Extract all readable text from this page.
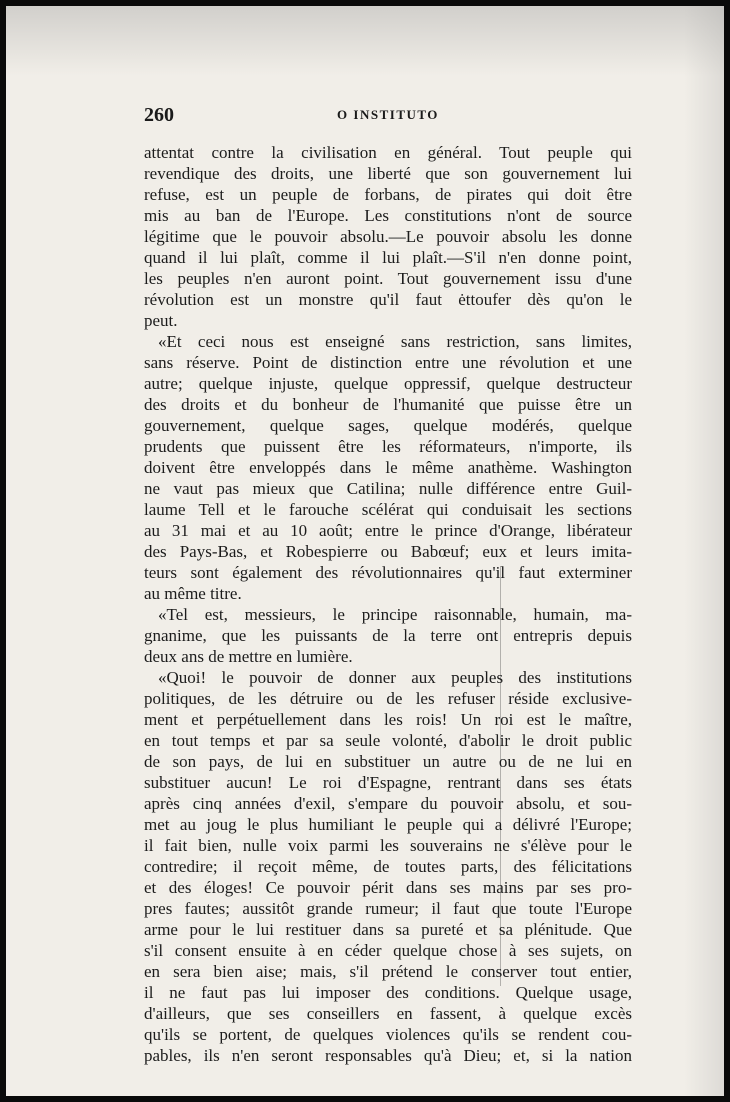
260	O INSTITUTO
attentat contre la civilisation en général. Tout peuple qui
revendique des droits, une liberté que son gouvernement lui
refuse, est un peuple de forbans, de pirates qui doit être
mis au ban de l'Europe. Les constitutions n'ont de source
légitime que le pouvoir absolu.—Le pouvoir absolu les donne
quand il lui plaît, comme il lui plaît.—S'il n'en donne point,
les peuples n'en auront point. Tout gouvernement issu d'une
révolution est un monstre qu'il faut ėttoufer dès qu'on le
peut.
«Et ceci nous est enseigné sans restriction, sans limites,
sans réserve. Point de distinction entre une révolution et une
autre; quelque injuste, quelque oppressif, quelque destructeur
des droits et du bonheur de l'humanité que puisse être un
gouvernement, quelque sages, quelque modérés, quelque
prudents que puissent être les réformateurs, n'importe, ils
doivent être enveloppés dans le même anathème. Washington
ne vaut pas mieux que Catilina; nulle différence entre Guil-
laume Tell et le farouche scélérat qui conduisait les sections
au 31 mai et au 10 août; entre le prince d'Orange, libérateur
des Pays-Bas, et Robespierre ou Babœuf; eux et leurs imita-
teurs sont également des révolutionnaires qu'il faut exterminer
au même titre.
«Tel est, messieurs, le principe raisonnable, humain, ma-
gnanime, que les puissants de la terre ont entrepris depuis
deux ans de mettre en lumière.
«Quoi! le pouvoir de donner aux peuples des institutions
politiques, de les détruire ou de les refuser réside exclusive-
ment et perpétuellement dans les rois! Un roi est le maître,
en tout temps et par sa seule volonté, d'abolir le droit public
de son pays, de lui en substituer un autre ou de ne lui en
substituer aucun! Le roi d'Espagne, rentrant dans ses états
après cinq années d'exil, s'empare du pouvoir absolu, et sou-
met au joug le plus humiliant le peuple qui a délivré l'Europe;
il fait bien, nulle voix parmi les souverains ne s'élève pour le
contredire; il reçoit même, de toutes parts, des félicitations
et des éloges! Ce pouvoir périt dans ses mains par ses pro-
pres fautes; aussitôt grande rumeur; il faut que toute l'Europe
arme pour le lui restituer dans sa pureté et sa plénitude. Que
s'il consent ensuite à en céder quelque chose à ses sujets, on
en sera bien aise; mais, s'il prétend le conserver tout entier,
il ne faut pas lui imposer des conditions. Quelque usage,
d'ailleurs, que ses conseillers en fassent, à quelque excès
qu'ils se portent, de quelques violences qu'ils se rendent cou-
pables, ils n'en seront responsables qu'à Dieu; et, si la nation
